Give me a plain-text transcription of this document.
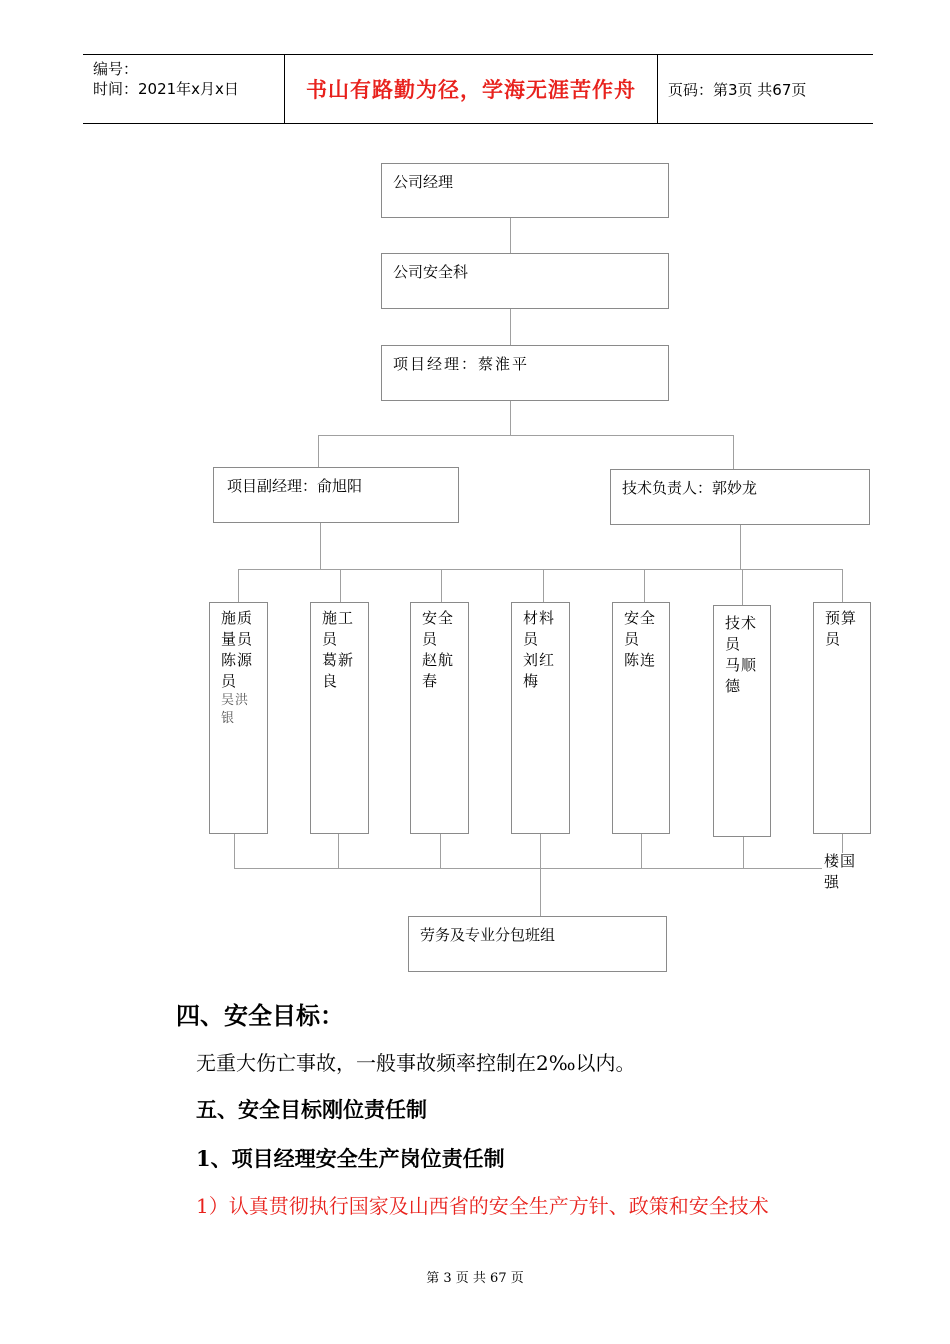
编号：
时间：2021年x月x日	书山有路勤为径，学海无涯苦作舟	页码：第3页 共67页
公司经理
公司安全科
项目经理：蔡淮平
项目副经理：俞旭阳	技术负责人：郭妙龙
施质量员
陈源员
吴洪银
施工员
葛新良
安全员
赵航春
材料员
刘红梅
安全员
陈连
技术员
马顺德
预算员
楼国强
劳务及专业分包班组
四、安全目标：
无重大伤亡事故，一般事故频率控制在2‰以内。
五、安全目标刚位责任制
1、项目经理安全生产岗位责任制
1）认真贯彻执行国家及山西省的安全生产方针、政策和安全技术
第 3 页 共 67 页
